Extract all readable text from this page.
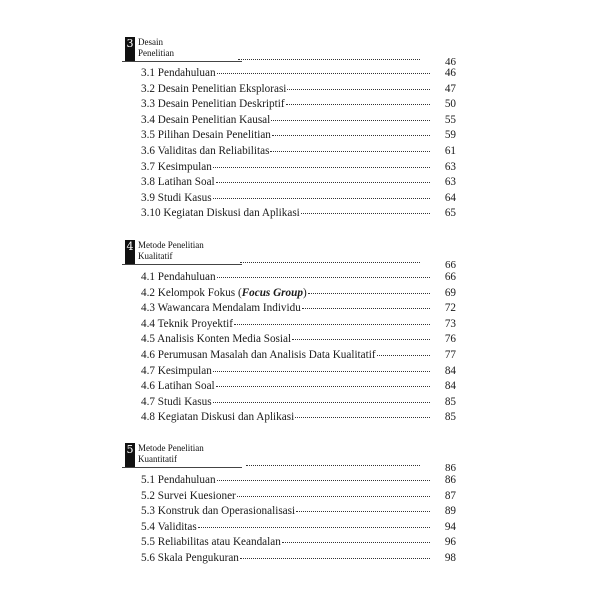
3 Desain
Penelitian
46
3.1 Pendahuluan	46
3.2 Desain Penelitian Eksplorasi	47
3.3 Desain Penelitian Deskriptif	50
3.4 Desain Penelitian Kausal	55
3.5 Pilihan Desain Penelitian	59
3.6 Validitas dan Reliabilitas	61
3.7 Kesimpulan	63
3.8 Latihan Soal	63
3.9 Studi Kasus	64
3.10 Kegiatan Diskusi dan Aplikasi	65
4 Metode Penelitian
Kualitatif
66
4.1 Pendahuluan	66
4.2 Kelompok Fokus (Focus Group)	69
4.3 Wawancara Mendalam Individu	72
4.4 Teknik Proyektif	73
4.5 Analisis Konten Media Sosial	76
4.6 Perumusan Masalah dan Analisis Data Kualitatif	77
4.7 Kesimpulan	84
4.6 Latihan Soal	84
4.7 Studi Kasus	85
4.8 Kegiatan Diskusi dan Aplikasi	85
5 Metode Penelitian
Kuantitatif
86
5.1 Pendahuluan	86
5.2 Survei Kuesioner	87
5.3 Konstruk dan Operasionalisasi	89
5.4 Validitas	94
5.5 Reliabilitas atau Keandalan	96
5.6 Skala Pengukuran	98
